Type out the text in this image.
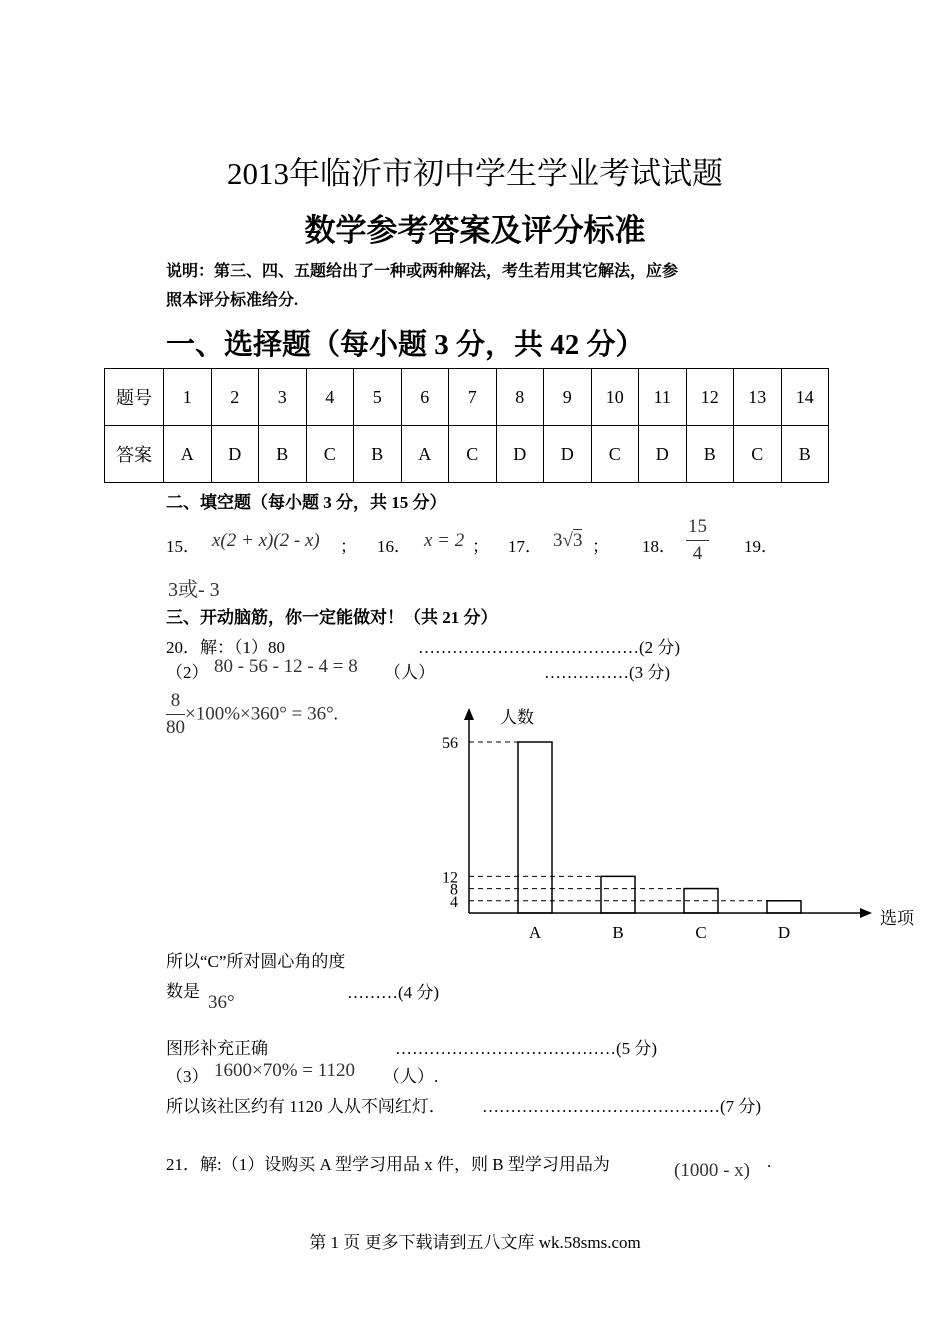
2013年临沂市初中学生学业考试试题
数学参考答案及评分标准
说明：第三、四、五题给出了一种或两种解法，考生若用其它解法，应参
照本评分标准给分.
一、选择题（每小题 3 分，共 42 分）
题号	1	2	3	4	5	6	7	8	9	10	11	12	13	14
答案	A	D	B	C	B	A	C	D	D	C	D	B	C	B
二、填空题（每小题 3 分，共 15 分）
15． x(2 + x)(2 - x) ； 16． x = 2 ； 17． 3√3 ； 18． $\frac{15}{4} 19$．
3或- 3
三、开动脑筋，你一定能做对！（共 21 分）
20．解：（1）80	…………………………………(2 分)
（2） 80 - 56 - 12 - 4 = 8 （人）	……………(3 分)
$\frac{8}{80} \times 100\%\times 360^\circ = 36^\circ$.	人数
选项
56
A
12
B
8
C
4
D
所以“C”所对圆心角的度
数是
36°	………(4 分)
图形补充正确	…………………………………(5 分)
（3） 1600×70% = 1120 （人）.
所以该社区约有 1120 人从不闯红灯． ……………………………………(7 分)
21．解:（1）设购买 A 型学习用品 x 件，则 B 型学习用品为	(1000 - x) .
第 1 页 更多下载请到五八文库 wk.58sms.com
